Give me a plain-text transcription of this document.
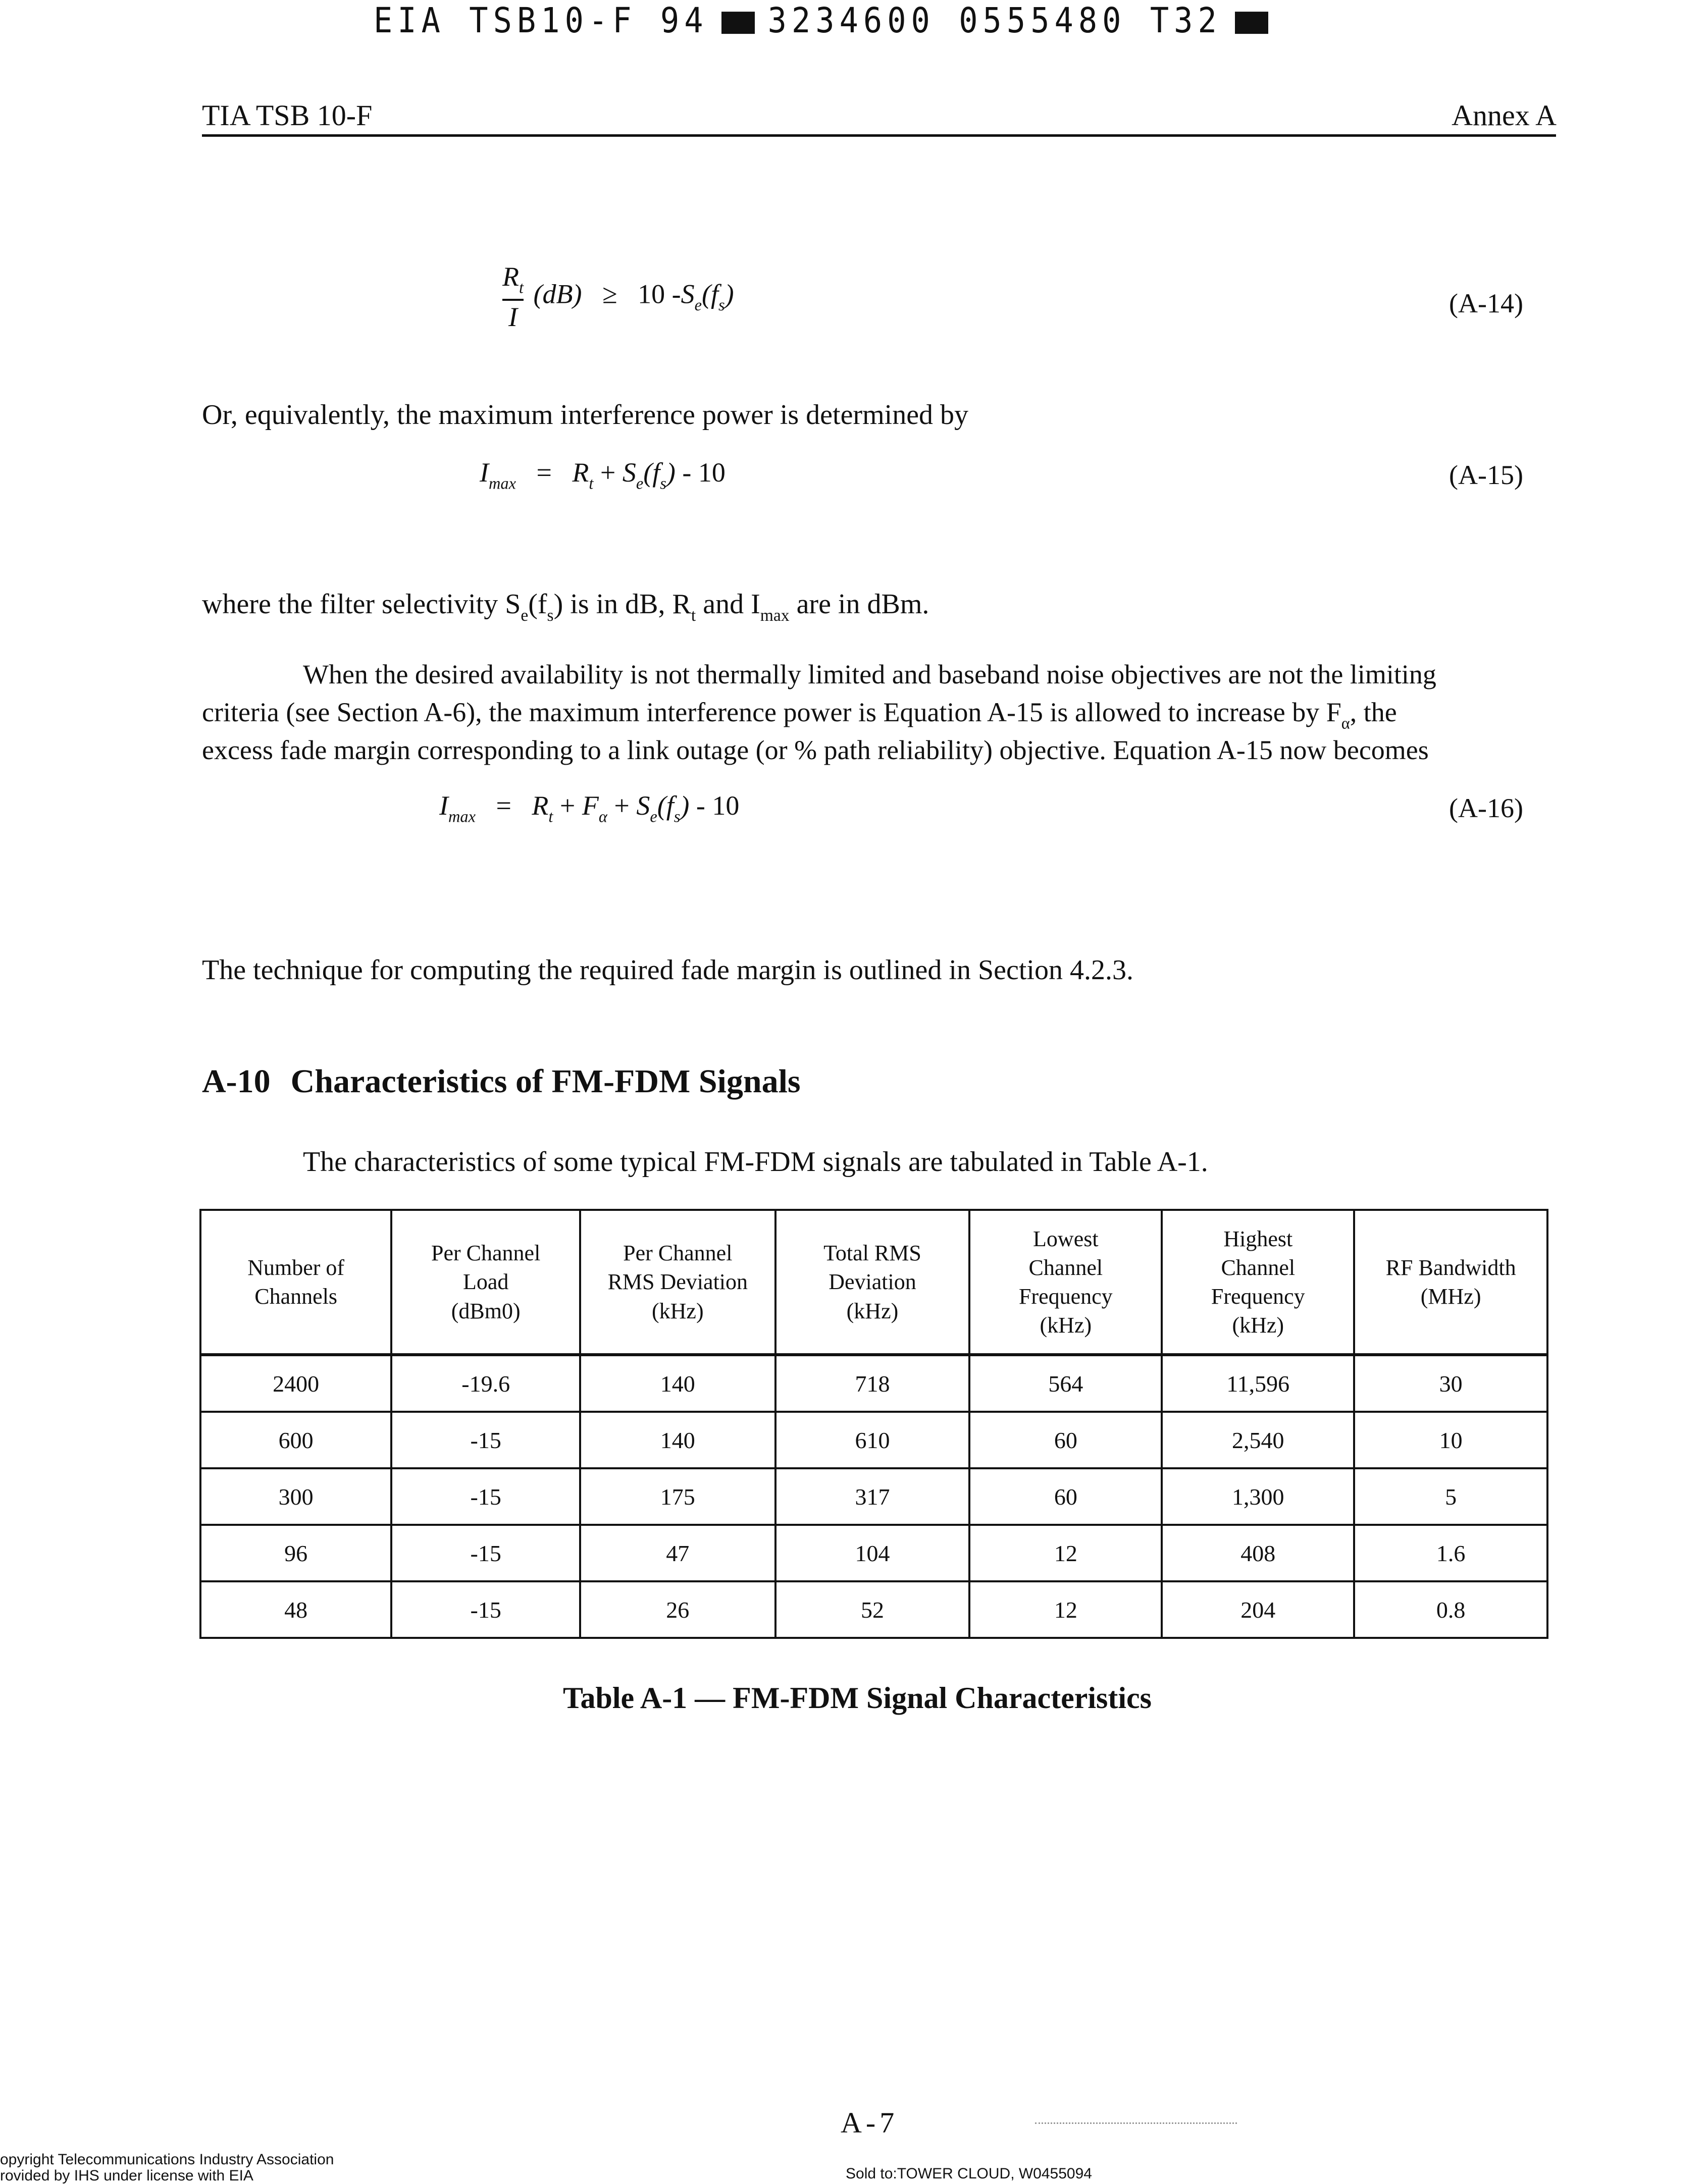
EIA TSB10-F 94 3234600 0555480 T32
TIA TSB 10-F	Annex A
$\frac{R_t}{I} (dB) \ge 10$ $-S_e(f_s)$	(A-14)
Or, equivalently, the maximum interference power is determined by
$I_{max} = R_t + S_e(f_s) - 10$	(A-15)
where the filter selectivity $S_e(f_s)$ is in dB, $R_t$ and $I_{max}$ are in dBm.
When the desired availability is not thermally limited and baseband noise objectives are not the limiting
criteria (see Section A-6), the maximum interference power is Equation A-15 is allowed to increase by $F_\alpha$, the
excess fade margin corresponding to a link outage (or % path reliability) objective. Equation A-15 now becomes
$I_{max} = R_t + F_\alpha + S_e(f_s) - 10$	(A-16)
The technique for computing the required fade margin is outlined in Section 4.2.3.
A-10 Characteristics of FM-FDM Signals
The characteristics of some typical FM-FDM signals are tabulated in Table A-1.
Number of
Channels	Per Channel
Load
(dBm0)	Per Channel
RMS Deviation
(kHz)	Total RMS
Deviation
(kHz)	Lowest
Channel
Frequency
(kHz)	Highest
Channel
Frequency
(kHz)	RF Bandwidth
(MHz)
2400	-19.6	140	718	564	11,596	30
600	-15	140	610	60	2,540	10
300	-15	175	317	60	1,300	5
96	-15	47	104	12	408	1.6
48	-15	26	52	12	204	0.8
Table A-1 — FM-FDM Signal Characteristics
A-7
opyright Telecommunications Industry Association
rovided by IHS under license with EIA	Sold to:TOWER CLOUD, W0455094
